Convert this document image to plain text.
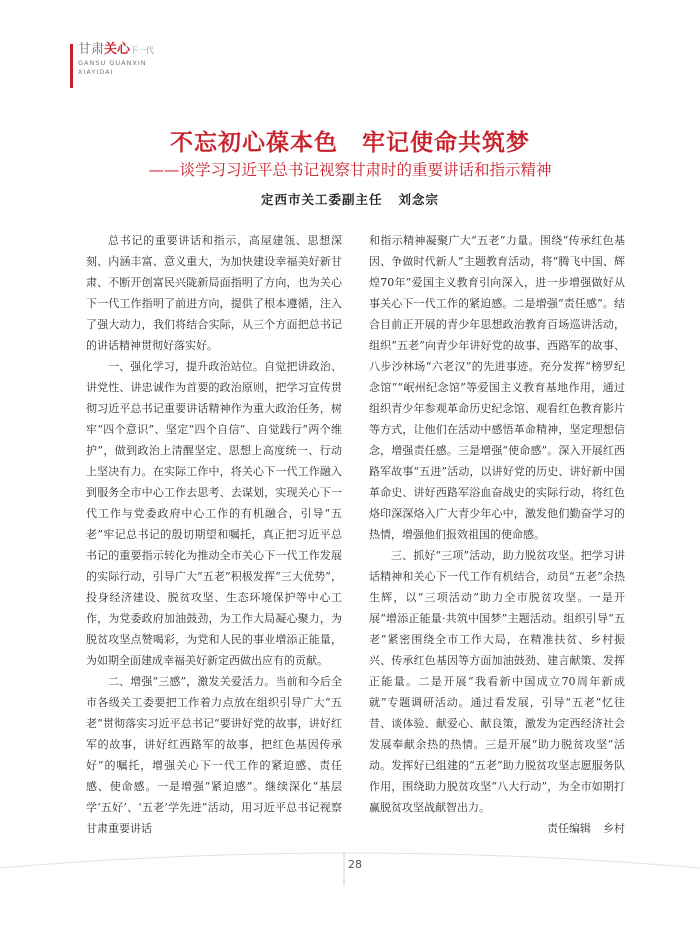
甘肃关心下一代
GANSU GUANXIN
XIAYIDAI
不忘初心葆本色　牢记使命共筑梦
——谈学习习近平总书记视察甘肃时的重要讲话和指示精神
定西市关工委副主任 刘念宗

总书记的重要讲话和指示，高屋建瓴、思想深刻、内涵丰富、意义重大，为加快建设幸福美好新甘肃、不断开创富民兴陇新局面指明了方向，也为关心下一代工作指明了前进方向，提供了根本遵循，注入了强大动力，我们将结合实际，从三个方面把总书记的讲话精神贯彻好落实好。

一、强化学习，提升政治站位。自觉把讲政治、讲党性、讲忠诚作为首要的政治原则，把学习宣传贯彻习近平总书记重要讲话精神作为重大政治任务，树牢“四个意识”、坚定“四个自信”、自觉践行“两个维护”，做到政治上清醒坚定、思想上高度统一、行动上坚决有力。在实际工作中，将关心下一代工作融入到服务全市中心工作去思考、去谋划，实现关心下一代工作与党委政府中心工作的有机融合，引导“五老”牢记总书记的殷切期望和嘱托，真正把习近平总书记的重要指示转化为推动全市关心下一代工作发展的实际行动，引导广大“五老”积极发挥“三大优势”，投身经济建设、脱贫攻坚、生态环境保护等中心工作，为党委政府加油鼓劲，为工作大局凝心聚力，为脱贫攻坚点赞喝彩，为党和人民的事业增添正能量，为如期全面建成幸福美好新定西做出应有的贡献。

二、增强“三感”，激发关爱活力。当前和今后全市各级关工委要把工作着力点放在组织引导广大“五老”贯彻落实习近平总书记“要讲好党的故事，讲好红军的故事，讲好红西路军的故事，把红色基因传承好”的嘱托，增强关心下一代工作的紧迫感、责任感、使命感。一是增强“紧迫感”。继续深化“基层学‘五好’、‘五老’学先进”活动，用习近平总书记视察甘肃重要讲话

和指示精神凝聚广大“五老”力量。围绕“传承红色基因、争做时代新人”主题教育活动，将“腾飞中国、辉煌70年”爱国主义教育引向深入，进一步增强做好从事关心下一代工作的紧迫感。二是增强“责任感”。结合目前正开展的青少年思想政治教育百场巡讲活动，组织“五老”向青少年讲好党的故事、西路军的故事、八步沙林场“六老汉”的先进事迹。充分发挥“榜罗纪念馆”“岷州纪念馆”等爱国主义教育基地作用，通过组织青少年参观革命历史纪念馆、观看红色教育影片等方式，让他们在活动中感悟革命精神，坚定理想信念，增强责任感。三是增强“使命感”。深入开展红西路军故事“五进”活动，以讲好党的历史、讲好新中国革命史、讲好西路军浴血奋战史的实际行动，将红色烙印深深烙入广大青少年心中，激发他们勤奋学习的热情，增强他们报效祖国的使命感。

三、抓好“三项”活动，助力脱贫攻坚。把学习讲话精神和关心下一代工作有机结合，动员“五老”余热生辉，以“三项活动”助力全市脱贫攻坚。一是开展“增添正能量·共筑中国梦”主题活动。组织引导“五老”紧密围绕全市工作大局，在精准扶贫、乡村振兴、传承红色基因等方面加油鼓劲、建言献策、发挥正能量。二是开展“我看新中国成立70周年新成就”专题调研活动。通过看发展，引导“五老”忆往昔、谈体验、献爱心、献良策，激发为定西经济社会发展奉献余热的热情。三是开展“助力脱贫攻坚”活动。发挥好已组建的“五老”助力脱贫攻坚志愿服务队作用，围绕助力脱贫攻坚“八大行动”，为全市如期打赢脱贫攻坚战献智出力。

责任编辑 乡村
28
